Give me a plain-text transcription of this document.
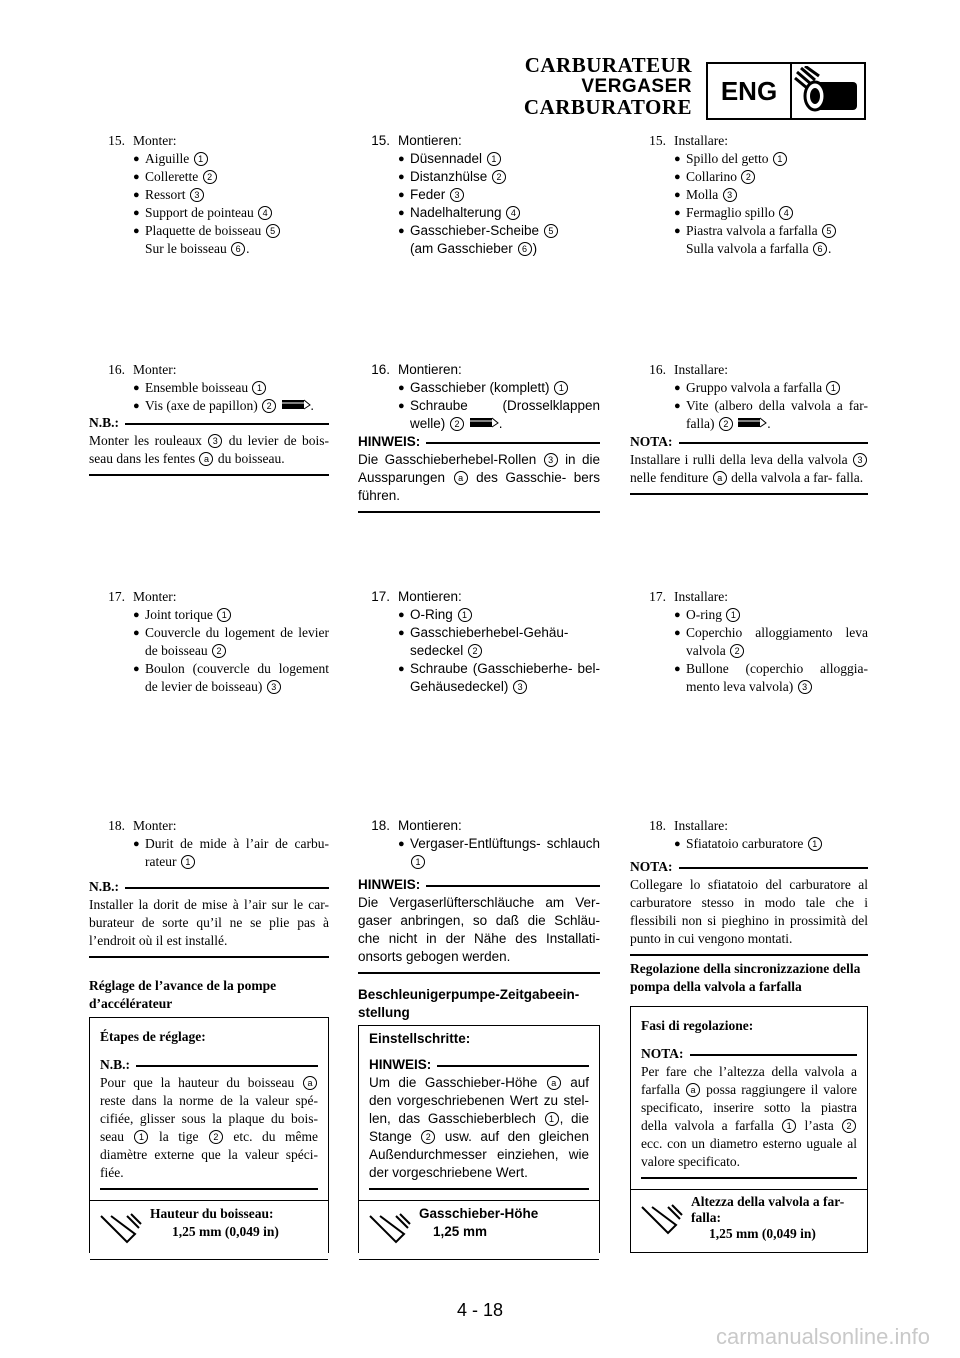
CARBURATEUR
VERGASER
CARBURATORE
ENG
15. Monter:
● Aiguille 1
● Collerette 2
● Ressort 3
● Support de pointeau 4
● Plaquette de boisseau 5
Sur le boisseau 6 .
16. Monter:
● Ensemble boisseau 1
● Vis (axe de papillon) 2	.
N.B.:
Monter les rouleaux 3 du levier de bois- seau dans les fentes a du boisseau.
17. Monter:
● Joint torique 1
● Couvercle du logement de levier de boisseau 2
● Boulon (couvercle du logement de levier de boisseau) 3
18. Monter:
● Durit de mide à l’air de carbu- rateur 1
N.B.:
Installer la dorit de mise à l’air sur le car- burateur de sorte qu’il ne se plie pas à l’endroit où il est installé.
Réglage de l’avance de la pompe d’accélérateur
Étapes de réglage:
N.B.:
Pour que la hauteur du boisseau a reste dans la norme de la valeur spé- cifiée, glisser sous la plaque du bois- seau 1 la tige 2 etc. du même diamètre externe que la valeur spéci- fiée.
Hauteur du boisseau:
1,25 mm (0,049 in)
15. Montieren:
● Düsennadel 1
● Distanzhülse 2
● Feder 3
● Nadelhalterung 4
● Gasschieber-Scheibe 5
(am Gasschieber 6 )
16. Montieren:
● Gasschieber (komplett) 1
● Schraube (Drosselklappen welle) 2	.
HINWEIS:
Die Gasschieberhebel-Rollen 3 in die Aussparungen a des Gasschie- bers führen.
17. Montieren:
● O-Ring 1
● Gasschieberhebel-Gehäu- sedeckel 2
● Schraube (Gasschieberhe- bel-Gehäusedeckel) 3
18. Montieren:
● Vergaser-Entlüftungs- schlauch 1
HINWEIS:
Die Vergaserlüfterschläuche am Ver- gaser anbringen, so daß die Schläu- che nicht in der Nähe des Installati- onsorts gebogen werden.
Beschleunigerpumpe-Zeitgabeein- stellung
Einstellschritte:
HINWEIS:
Um die Gasschieber-Höhe a auf den vorgeschriebenen Wert zu stel- len, das Gasschieberblech 1 , die Stange 2 usw. auf den gleichen Außendurchmesser einziehen, wie der vorgeschriebene Wert.
Gasschieber-Höhe
1,25 mm
15. Installare:
● Spillo del getto 1
● Collarino 2
● Molla 3
● Fermaglio spillo 4
● Piastra valvola a farfalla 5
Sulla valvola a farfalla 6 .
16. Installare:
● Gruppo valvola a farfalla 1
● Vite (albero della valvola a far- falla) 2	.
NOTA:
Installare i rulli della leva della valvola 3 nelle fenditure a della valvola a far- falla.
17. Installare:
● O-ring 1
● Coperchio alloggiamento leva valvola 2
● Bullone (coperchio alloggia- mento leva valvola) 3
18. Installare:
● Sfiatatoio carburatore 1
NOTA:
Collegare lo sfiatatoio del carburatore al carburatore stesso in modo tale che i flessibili non si pieghino in prossimità del punto in cui vengono montati.
Regolazione della sincronizzazione della pompa della valvola a farfalla
Fasi di regolazione:
NOTA:
Per fare che l’altezza della valvola a farfalla a possa raggiungere il valore specificato, inserire sotto la piastra della valvola a farfalla 1 l’asta 2 ecc. con un diametro esterno uguale al valore specificato.
Altezza della valvola a far- falla:
1,25 mm (0,049 in)
4 - 18
carmanualsonline.info
